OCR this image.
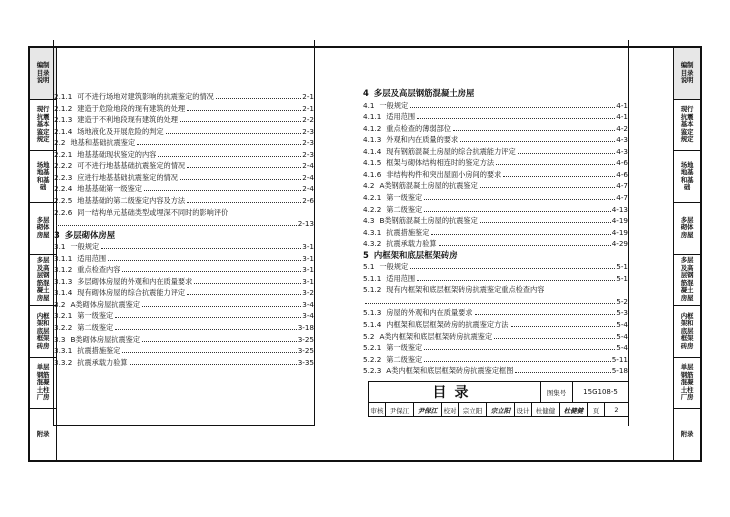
编制目录说明
现行抗震基本鉴定规定
场地地基和基础
多层砌体房屋
多层及高层钢筋混凝土房屋
内框架和底层框架砖房
单层钢筋混凝土柱厂房
附录
编制目录说明
现行抗震基本鉴定规定
场地地基和基础
多层砌体房屋
多层及高层钢筋混凝土房屋
内框架和底层框架砖房
单层钢筋混凝土柱厂房
附录
2.1.1 可不进行场地对建筑影响的抗震鉴定的情况	2-1
2.1.2 建造于危险地段的现有建筑的处理	2-1
2.1.3 建造于不利地段现有建筑的处理	2-2
2.1.4 场地液化及开展危险的判定	2-3
2.2 地基和基础抗震鉴定	2-3
2.2.1 地基基础现状鉴定的内容	2-3
2.2.2 可不进行地基基础抗震鉴定的情况	2-4
2.2.3 应进行地基基础抗震鉴定的情况	2-4
2.2.4 地基基础第一级鉴定	2-4
2.2.5 地基基础的第二级鉴定内容及方法	2-6
2.2.6 同一结构单元基础类型或埋深不同时的影响评价
2-13
3 多层砌体房屋
3.1 一般规定	3-1
3.1.1 适用范围	3-1
3.1.2 重点检查内容	3-1
3.1.3 多层砌体房屋的外观和内在质量要求	3-1
3.1.4 现有砌体房屋的综合抗震能力评定	3-2
3.2 A类砌体房屋抗震鉴定	3-4
3.2.1 第一级鉴定	3-4
3.2.2 第二级鉴定	3-18
3.3 B类砌体房屋抗震鉴定	3-25
3.3.1 抗震措施鉴定	3-25
3.3.2 抗震承载力验算	3-35
4 多层及高层钢筋混凝土房屋
4.1 一般规定	4-1
4.1.1 适用范围	4-1
4.1.2 重点检查的薄弱部位	4-2
4.1.3 外观和内在质量的要求	4-3
4.1.4 现有钢筋混凝土房屋的综合抗震能力评定	4-3
4.1.5 框架与砌体结构相连时的鉴定方法	4-6
4.1.6 非结构构件和突出屋面小房间的要求	4-6
4.2 A类钢筋混凝土房屋的抗震鉴定	4-7
4.2.1 第一级鉴定	4-7
4.2.2 第二级鉴定	4-13
4.3 B类钢筋混凝土房屋的抗震鉴定	4-19
4.3.1 抗震措施鉴定	4-19
4.3.2 抗震承载力验算	4-29
5 内框架和底层框架砖房
5.1 一般规定	5-1
5.1.1 适用范围	5-1
5.1.2 现有内框架和底层框架砖房抗震鉴定重点检查内容
5-2
5.1.3 房屋的外观和内在质量要求	5-3
5.1.4 内框架和底层框架砖房的抗震鉴定方法	5-4
5.2 A类内框架和底层框架砖房抗震鉴定	5-4
5.2.1 第一级鉴定	5-4
5.2.2 第二级鉴定	5-11
5.2.3 A类内框架和底层框架砖房抗震鉴定框图	5-18
目录	图集号	15G108-5
审核 尹保江	尹保江 校对 宗立阳	宗立阳 设计 杜健健	杜健健	页	2
